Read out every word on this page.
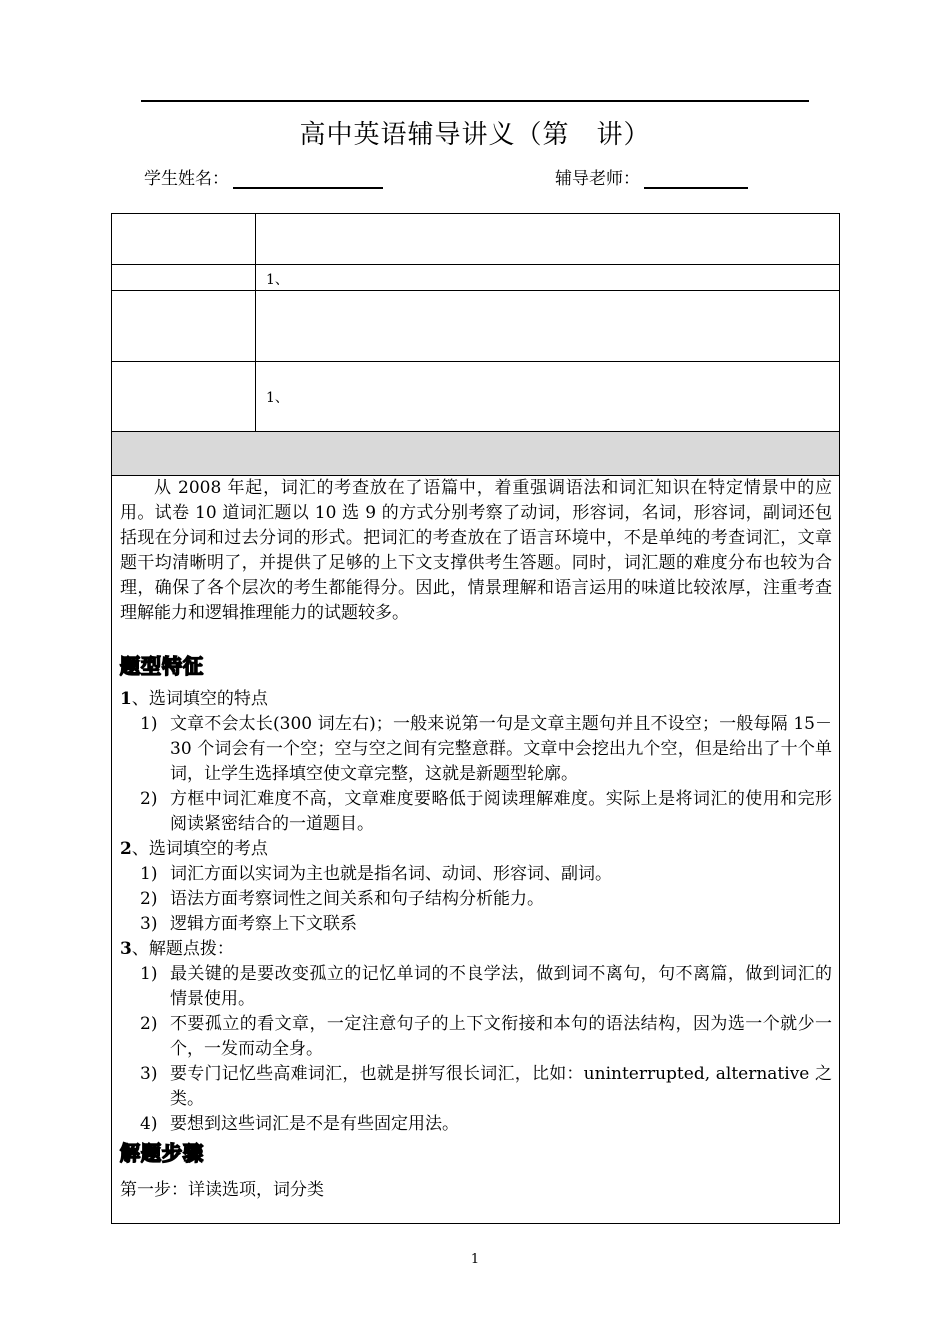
高中英语辅导讲义（第　讲）
学生姓名：	辅导老师：
1、
1、

从 2008 年起，词汇的考查放在了语篇中，着重强调语法和词汇知识在特定情景中的应用。试卷 10 道词汇题以 10 选 9 的方式分别考察了动词，形容词，名词，形容词，副词还包括现在分词和过去分词的形式。把词汇的考查放在了语言环境中，不是单纯的考查词汇，文章题干均清晰明了，并提供了足够的上下文支撑供考生答题。同时，词汇题的难度分布也较为合理，确保了各个层次的考生都能得分。因此，情景理解和语言运用的味道比较浓厚，注重考查理解能力和逻辑推理能力的试题较多。

题型特征

1、选词填空的特点

1) 文章不会太长(300 词左右)；一般来说第一句是文章主题句并且不设空；一般每隔 15－30 个词会有一个空；空与空之间有完整意群。文章中会挖出九个空，但是给出了十个单词，让学生选择填空使文章完整，这就是新题型轮廓。

2) 方框中词汇难度不高，文章难度要略低于阅读理解难度。实际上是将词汇的使用和完形阅读紧密结合的一道题目。

2、选词填空的考点

1) 词汇方面以实词为主也就是指名词、动词、形容词、副词。

2) 语法方面考察词性之间关系和句子结构分析能力。

3) 逻辑方面考察上下文联系

3、解题点拨：

1) 最关键的是要改变孤立的记忆单词的不良学法，做到词不离句，句不离篇，做到词汇的情景使用。

2) 不要孤立的看文章，一定注意句子的上下文衔接和本句的语法结构，因为选一个就少一个，一发而动全身。

3) 要专门记忆些高难词汇，也就是拼写很长词汇，比如：uninterrupted, alternative 之类。

4) 要想到这些词汇是不是有些固定用法。

解题步骤

第一步：详读选项，词分类

1
